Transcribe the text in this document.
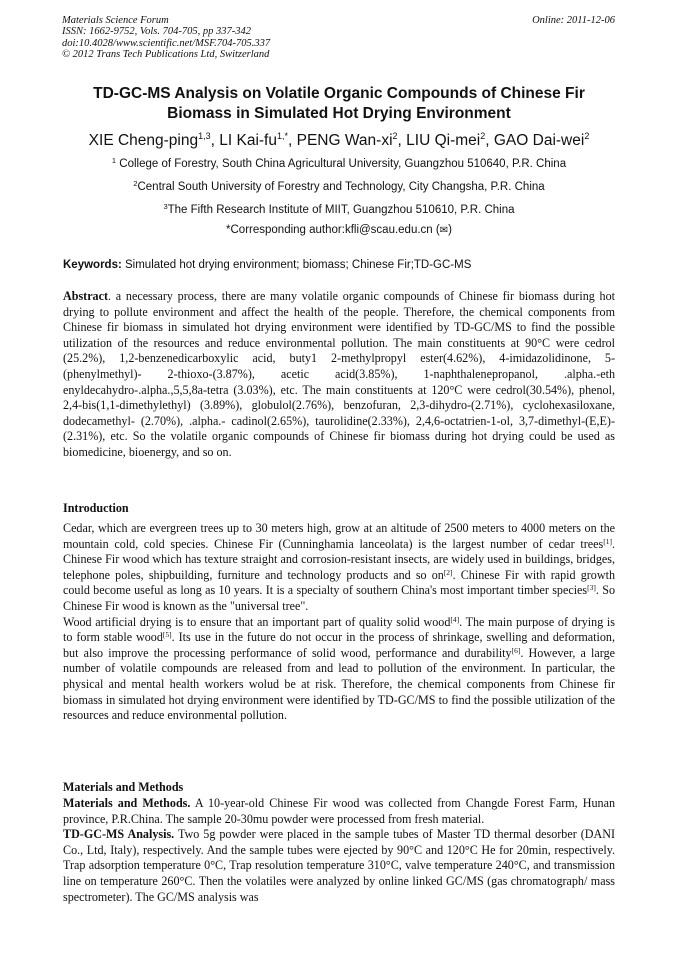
Materials Science Forum
ISSN: 1662-9752, Vols. 704-705, pp 337-342
doi:10.4028/www.scientific.net/MSF.704-705.337
© 2012 Trans Tech Publications Ltd, Switzerland
Online: 2011-12-06
TD-GC-MS Analysis on Volatile Organic Compounds of Chinese Fir
Biomass in Simulated Hot Drying Environment
XIE Cheng-ping$^{1,3}$, LI Kai-$fu^{1,*}$, PENG Wan-$xi^2$, LIU Qi-mei$^2$, GAO Dai-wei$^2$
$^1$ College of Forestry, South China Agricultural University, Guangzhou 510640, P.R. China
$^2$Central South University of Forestry and Technology, City Changsha, P.R. China
$^3$The Fifth Research Institute of MIIT, Guangzhou 510610, P.R. China
*Corresponding author:kfli@scau.edu.cn (✉)
Keywords: Simulated hot drying environment; biomass; Chinese Fir;TD-GC-MS

Abstract. a necessary process, there are many volatile organic compounds of Chinese fir biomass during hot drying to pollute environment and affect the health of the people. Therefore, the chemical components from Chinese fir biomass in simulated hot drying environment were identified by TD-GC/MS to find the possible utilization of the resources and reduce environmental pollution. The main constituents at 90°C were cedrol (25.2%), 1,2-benzenedicarboxylic acid, buty1 2-methylpropyl ester(4.62%), 4-imidazolidinone, 5-(phenylmethyl)- 2-thioxo-(3.87%), acetic acid(3.85%), 1-naphthalenepropanol, .alpha.-eth enyldecahydro-.alpha.,5,5,8a-tetra (3.03%), etc. The main constituents at 120°C were cedrol(30.54%), phenol, 2,4-bis(1,1-dimethylethyl) (3.89%), globulol(2.76%), benzofuran, 2,3-dihydro-(2.71%), cyclohexasiloxane, dodecamethyl- (2.70%), .alpha.- cadinol(2.65%), taurolidine(2.33%), 2,4,6-octatrien-1-ol, 3,7-dimethyl-(E,E)- (2.31%), etc. So the volatile organic compounds of Chinese fir biomass during hot drying could be used as biomedicine, bioenergy, and so on.

Introduction

Cedar, which are evergreen trees up to 30 meters high, grow at an altitude of 2500 meters to 4000 meters on the mountain cold, cold species. Chinese Fir (Cunninghamia lanceolata) is the largest number of cedar trees[1]. Chinese Fir wood which has texture straight and corrosion-resistant insects, are widely used in buildings, bridges, telephone poles, shipbuilding, furniture and technology products and so on[2]. Chinese Fir with rapid growth could become useful as long as 10 years. It is a specialty of southern China's most important timber species[3]. So Chinese Fir wood is known as the "universal tree".

Wood artificial drying is to ensure that an important part of quality solid wood[4]. The main purpose of drying is to form stable wood[5]. Its use in the future do not occur in the process of shrinkage, swelling and deformation, but also improve the processing performance of solid wood, performance and durability[6]. However, a large number of volatile compounds are released from and lead to pollution of the environment. In particular, the physical and mental health workers wolud be at risk. Therefore, the chemical components from Chinese fir biomass in simulated hot drying environment were identified by TD-GC/MS to find the possible utilization of the resources and reduce environmental pollution.

Materials and Methods

Materials and Methods. A 10-year-old Chinese Fir wood was collected from Changde Forest Farm, Hunan province, P.R.China. The sample 20-30mu powder were processed from fresh material.

TD-GC-MS Analysis. Two 5g powder were placed in the sample tubes of Master TD thermal desorber (DANI Co., Ltd, Italy), respectively. And the sample tubes were ejected by 90°C and 120°C He for 20min, respectively. Trap adsorption temperature 0°C, Trap resolution temperature 310°C, valve temperature 240°C, and transmission line on temperature 260°C. Then the volatiles were analyzed by online linked GC/MS (gas chromatograph/ mass spectrometer). The GC/MS analysis was
